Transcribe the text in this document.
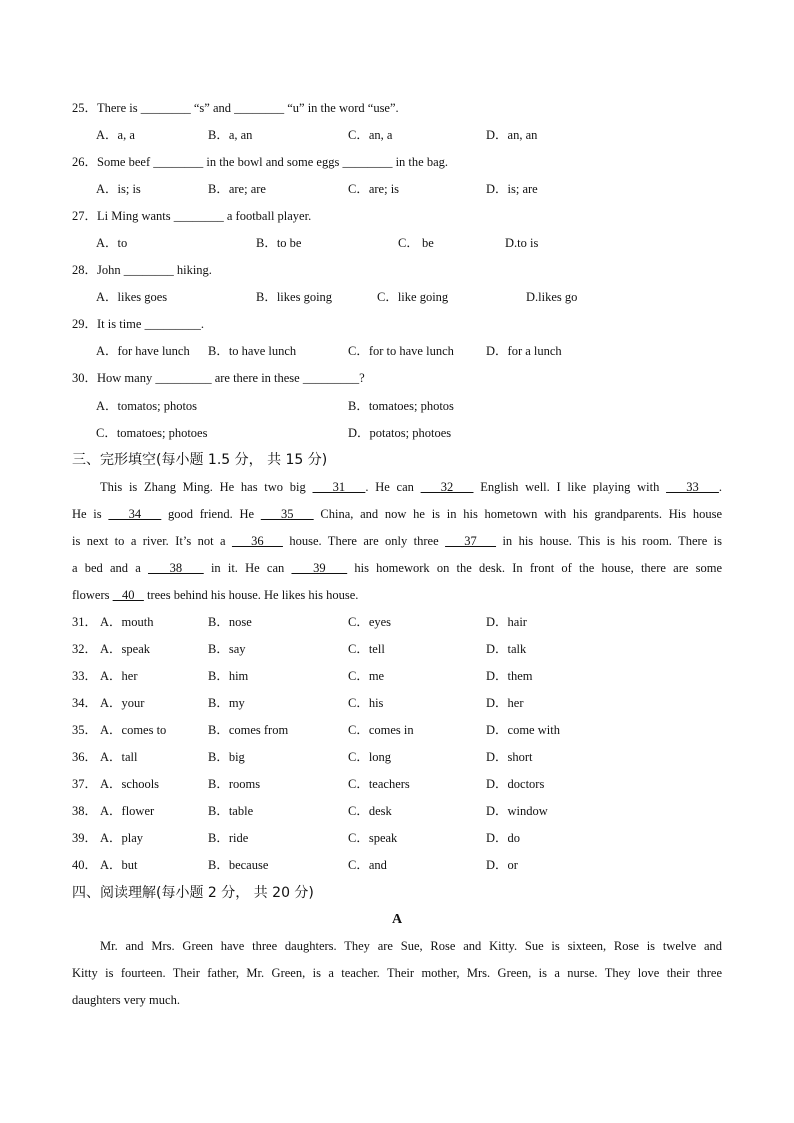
25．There is ________ “s” and ________ “u” in the word “use”.
A．a, a	B．a, an	C．an, a	D．an, an
26．Some beef ________ in the bowl and some eggs ________ in the bag.
A．is; is	B．are; are	C．are; is	D．is; are
27．Li Ming wants ________ a football player.
A．to	B．to be	C． be	D.to is
28．John ________ hiking.
A．likes goes	B．likes going	C．like going	D.likes go
29．It is time _________.
A．for have lunch B．to have lunch	C．for to have lunch	D．for a lunch
30．How many _________ are there in these _________?
A．tomatos; photos	B．tomatoes; photos
C．tomatoes; photoes	D．potatos; photoes
三、完形填空(每小题 1.5 分， 共 15 分)
This is Zhang Ming. He has two big    31   . He can    32    English well. I like playing with    33   .
He is    34    good friend. He    35    China, and now he is in his hometown with his grandparents. His house
is next to a river. It’s not a    36    house. There are only three    37    in his house. This is his room. There is
a bed and a    38    in it. He can    39    his homework on the desk. In front of the house, there are some
flowers    40    trees behind his house. He likes his house.
31． A．mouth	B．nose	C．eyes	D．hair
32． A．speak	B．say	C．tell	D．talk
33． A．her	B．him	C．me	D．them
34． A．your	B．my	C．his	D．her
35． A．comes to	B．comes from	C．comes in	D．come with
36． A．tall	B．big	C．long	D．short
37． A．schools	B．rooms	C．teachers	D．doctors
38． A．flower	B．table	C．desk	D．window
39． A．play	B．ride	C．speak	D．do
40． A．but	B．because	C．and	D．or
四、阅读理解(每小题 2 分， 共 20 分)
A
Mr. and Mrs. Green have three daughters. They are Sue, Rose and Kitty. Sue is sixteen, Rose is twelve and
Kitty is fourteen. Their father, Mr. Green, is a teacher. Their mother, Mrs. Green, is a nurse. They love their three
daughters very much.
